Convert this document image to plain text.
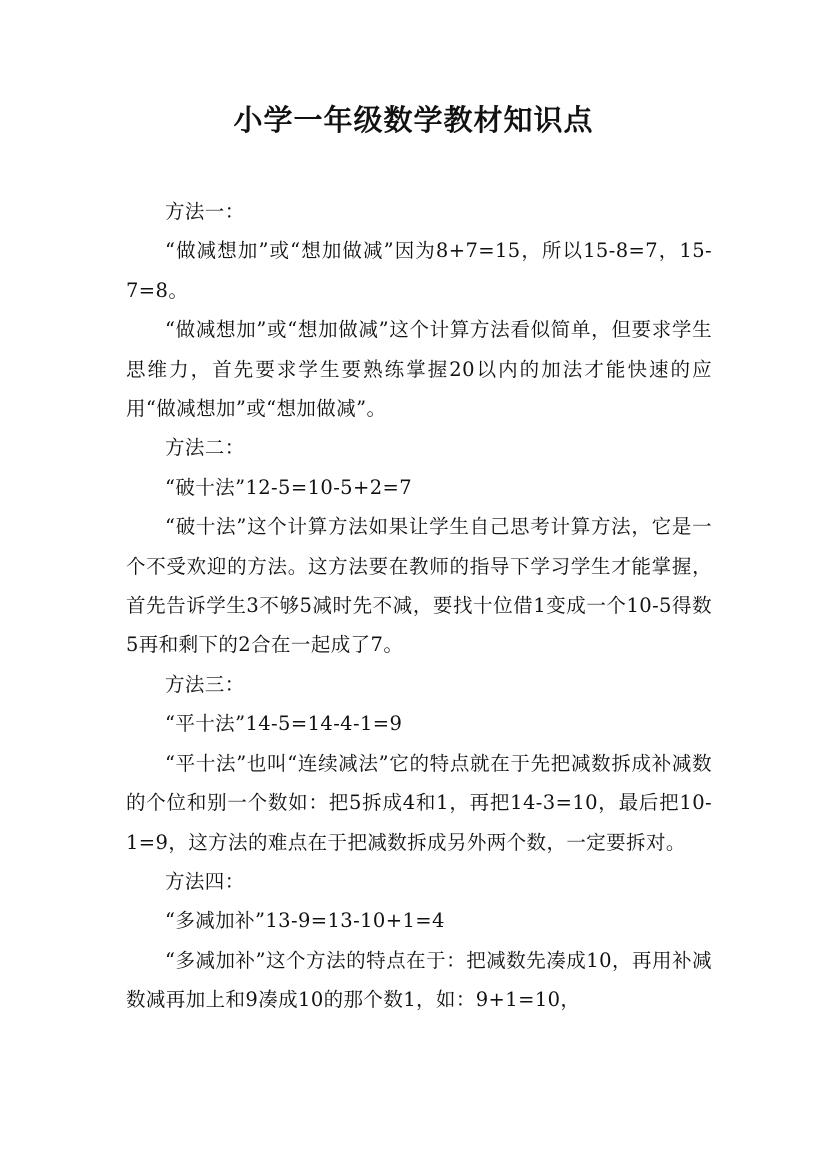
小学一年级数学教材知识点

方法一：

“做减想加”或“想加做减”因为8+7=15，所以15-8=7，15-7=8。

“做减想加”或“想加做减”这个计算方法看似简单，但要求学生思维力，首先要求学生要熟练掌握20以内的加法才能快速的应用“做减想加”或“想加做减”。

方法二：

“破十法”12-5=10-5+2=7

“破十法”这个计算方法如果让学生自己思考计算方法，它是一个不受欢迎的方法。这方法要在教师的指导下学习学生才能掌握，首先告诉学生3不够5减时先不减，要找十位借1变成一个10-5得数5再和剩下的2合在一起成了7。

方法三：

“平十法”14-5=14-4-1=9

“平十法”也叫“连续减法”它的特点就在于先把减数拆成补减数的个位和别一个数如：把5拆成4和1，再把14-3=10，最后把10-1=9，这方法的难点在于把减数拆成另外两个数，一定要拆对。

方法四：

“多减加补”13-9=13-10+1=4

“多减加补”这个方法的特点在于：把减数先凑成10，再用补减数减再加上和9凑成10的那个数1，如：9+1=10，
